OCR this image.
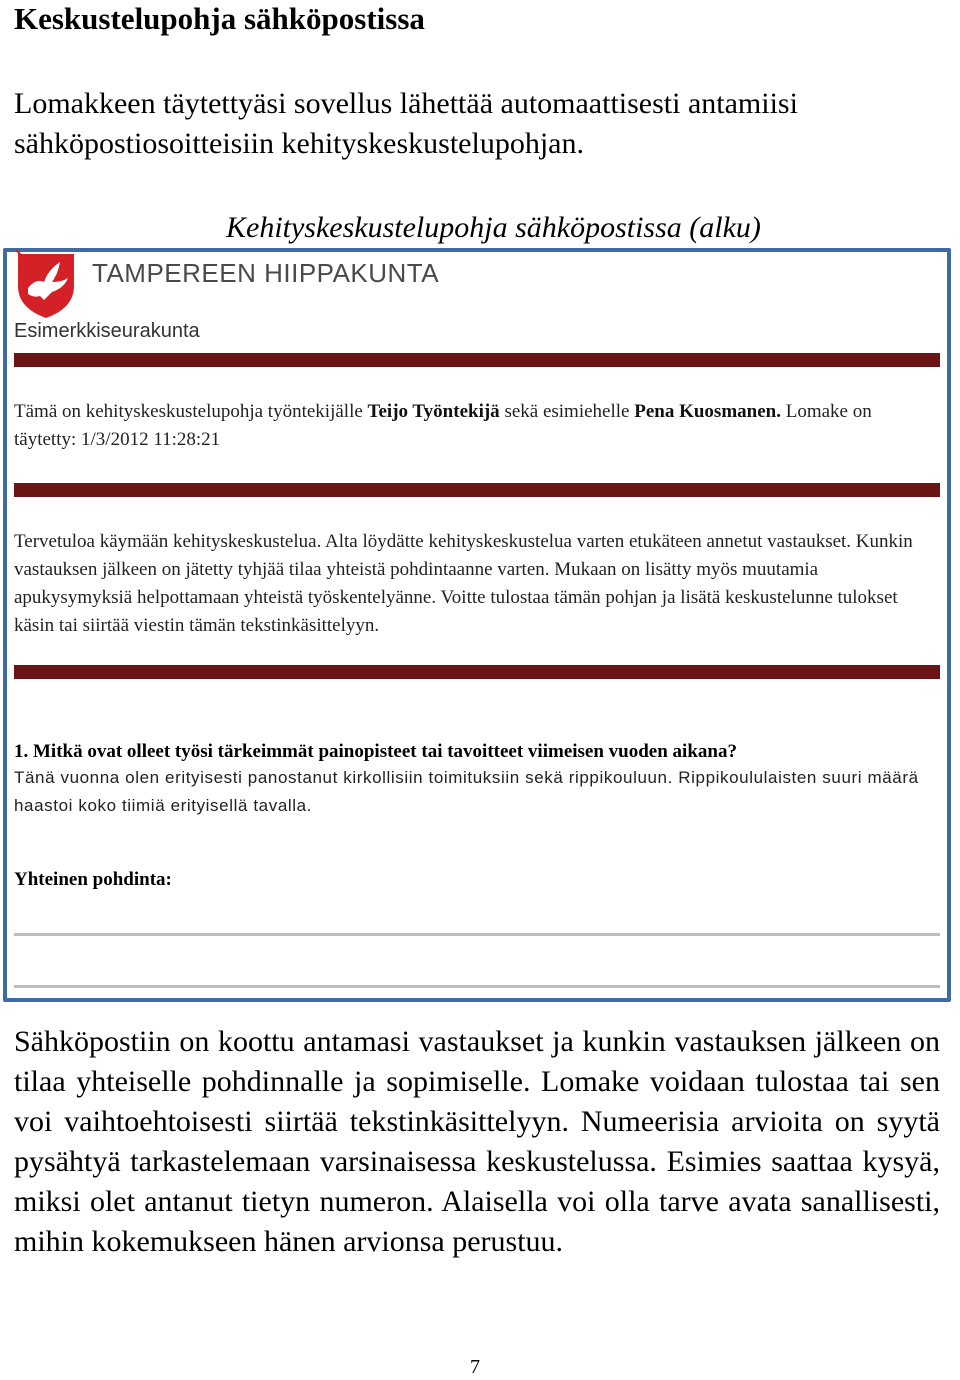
Keskustelupohja sähköpostissa

Lomakkeen täytettyäsi sovellus lähettää automaattisesti antamiisi sähköpostiosoitteisiin kehityskeskustelupohjan.

Kehityskeskustelupohja sähköpostissa (alku)

TAMPEREEN HIIPPAKUNTA

Esimerkkiseurakunta

Tämä on kehityskeskustelupohja työntekijälle Teijo Työntekijä sekä esimiehelle Pena Kuosmanen. Lomake on täytetty: 1/3/2012 11:28:21

Tervetuloa käymään kehityskeskustelua. Alta löydätte kehityskeskustelua varten etukäteen annetut vastaukset. Kunkin vastauksen jälkeen on jätetty tyhjää tilaa yhteistä pohdintaanne varten. Mukaan on lisätty myös muutamia apukysymyksiä helpottamaan yhteistä työskentelyänne. Voitte tulostaa tämän pohjan ja lisätä keskustelunne tulokset käsin tai siirtää viestin tämän tekstinkäsittelyyn.

1. Mitkä ovat olleet työsi tärkeimmät painopisteet tai tavoitteet viimeisen vuoden aikana?

Tänä vuonna olen erityisesti panostanut kirkollisiin toimituksiin sekä rippikouluun. Rippikoululaisten suuri määrä haastoi koko tiimiä erityisellä tavalla.

Yhteinen pohdinta:

Sähköpostiin on koottu antamasi vastaukset ja kunkin vastauksen jälkeen on tilaa yhteiselle pohdinnalle ja sopimiselle. Lomake voidaan tulostaa tai sen voi vaihtoehtoisesti siirtää tekstinkäsittelyyn. Numeerisia arvioita on syytä pysähtyä tarkastelemaan varsinaisessa keskustelussa. Esimies saattaa kysyä, miksi olet antanut tietyn numeron. Alaisella voi olla tarve avata sanallisesti, mihin kokemukseen hänen arvionsa perustuu.

7
